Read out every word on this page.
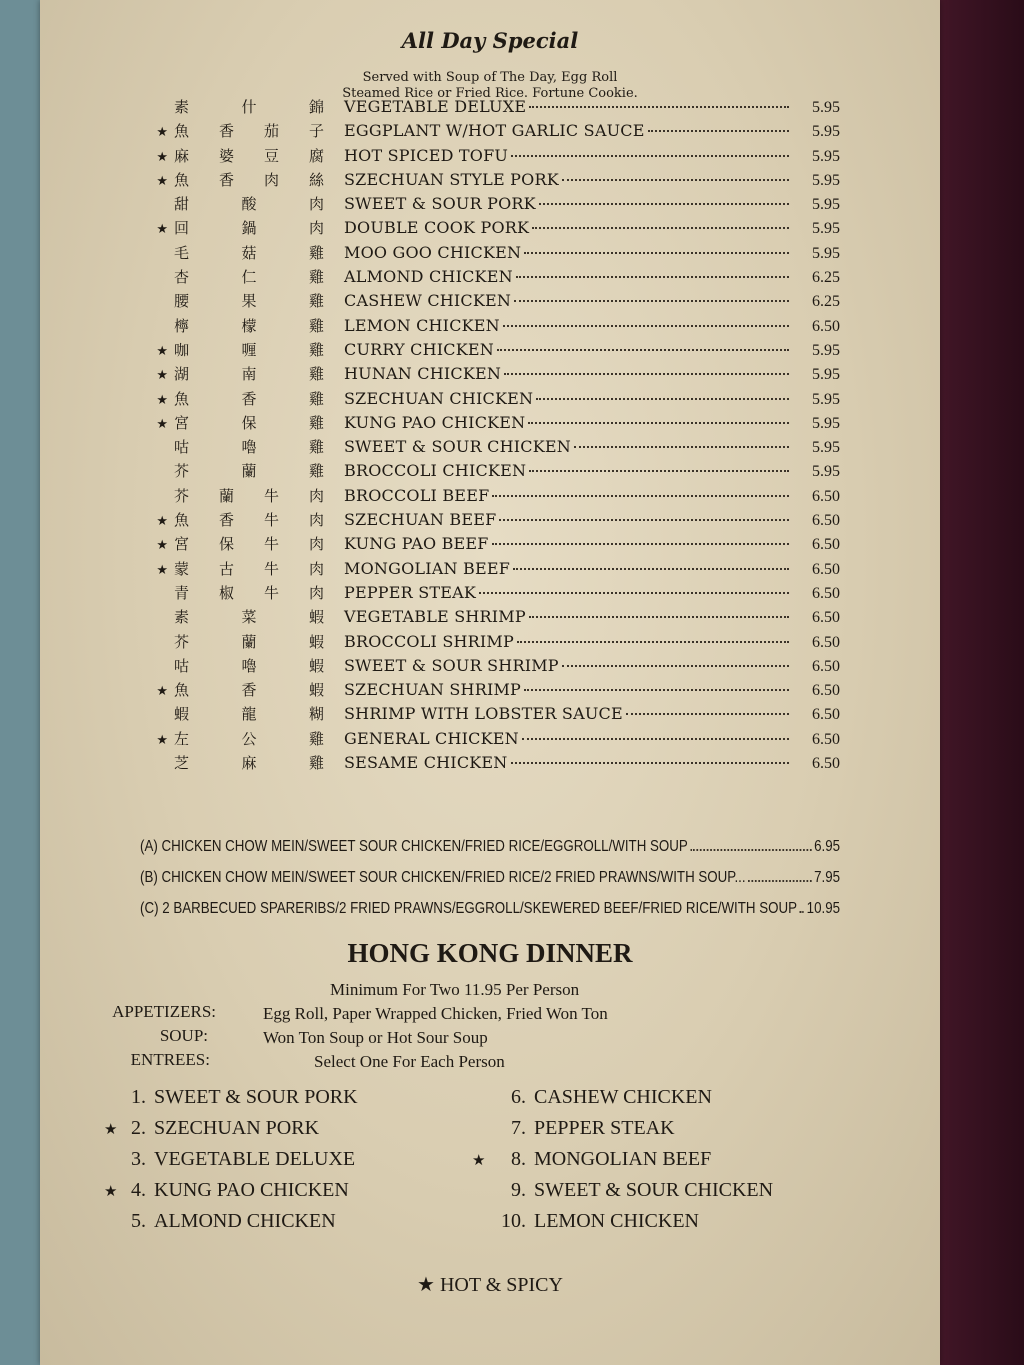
All Day Special
Served with Soup of The Day, Egg Roll
Steamed Rice or Fried Rice. Fortune Cookie.
素	什	錦 VEGETABLE DELUXE	5.95
★ 魚 香 茄 子 EGGPLANT W/HOT GARLIC SAUCE	5.95
★ 麻 婆 豆 腐 HOT SPICED TOFU	5.95
★ 魚 香 肉 絲 SZECHUAN STYLE PORK	5.95
甜	酸	肉 SWEET & SOUR PORK	5.95
★ 回	鍋	肉 DOUBLE COOK PORK	5.95
毛	菇	雞 MOO GOO CHICKEN	5.95
杏	仁	雞 ALMOND CHICKEN	6.25
腰	果	雞 CASHEW CHICKEN	6.25
檸	檬	雞 LEMON CHICKEN	6.50
★ 咖	喱	雞 CURRY CHICKEN	5.95
★ 湖	南	雞 HUNAN CHICKEN	5.95
★ 魚	香	雞 SZECHUAN CHICKEN	5.95
★ 宮	保	雞 KUNG PAO CHICKEN	5.95
咕	嚕	雞 SWEET & SOUR CHICKEN	5.95
芥	蘭	雞 BROCCOLI CHICKEN	5.95
芥 蘭 牛 肉 BROCCOLI BEEF	6.50
★ 魚 香 牛 肉 SZECHUAN BEEF	6.50
★ 宮 保 牛 肉 KUNG PAO BEEF	6.50
★ 蒙 古 牛 肉 MONGOLIAN BEEF	6.50
青 椒 牛 肉 PEPPER STEAK	6.50
素	菜	蝦 VEGETABLE SHRIMP	6.50
芥	蘭	蝦 BROCCOLI SHRIMP	6.50
咕	嚕	蝦 SWEET & SOUR SHRIMP	6.50
★ 魚	香	蝦 SZECHUAN SHRIMP	6.50
蝦	龍	糊 SHRIMP WITH LOBSTER SAUCE	6.50
★ 左	公	雞 GENERAL CHICKEN	6.50
芝	麻	雞 SESAME CHICKEN	6.50
(A) CHICKEN CHOW MEIN/SWEET SOUR CHICKEN/FRIED RICE/EGGROLL/WITH SOUP	6.95
(B) CHICKEN CHOW MEIN/SWEET SOUR CHICKEN/FRIED RICE/2 FRIED PRAWNS/WITH SOUP...	7.95
(C) 2 BARBECUED SPARERIBS/2 FRIED PRAWNS/EGGROLL/SKEWERED BEEF/FRIED RICE/WITH SOUP 10.95
HONG KONG DINNER
Minimum For Two 11.95 Per Person
APPETIZERS:	Egg Roll, Paper Wrapped Chicken, Fried Won Ton
SOUP:	Won Ton Soup or Hot Sour Soup
ENTREES:	Select One For Each Person
1.SWEET & SOUR PORK
★ 2.SZECHUAN PORK
3.VEGETABLE DELUXE
★ 4.KUNG PAO CHICKEN
5.ALMOND CHICKEN
6.CASHEW CHICKEN
7.PEPPER STEAK
★ 8.MONGOLIAN BEEF
9.SWEET & SOUR CHICKEN
10.LEMON CHICKEN
★ HOT & SPICY
